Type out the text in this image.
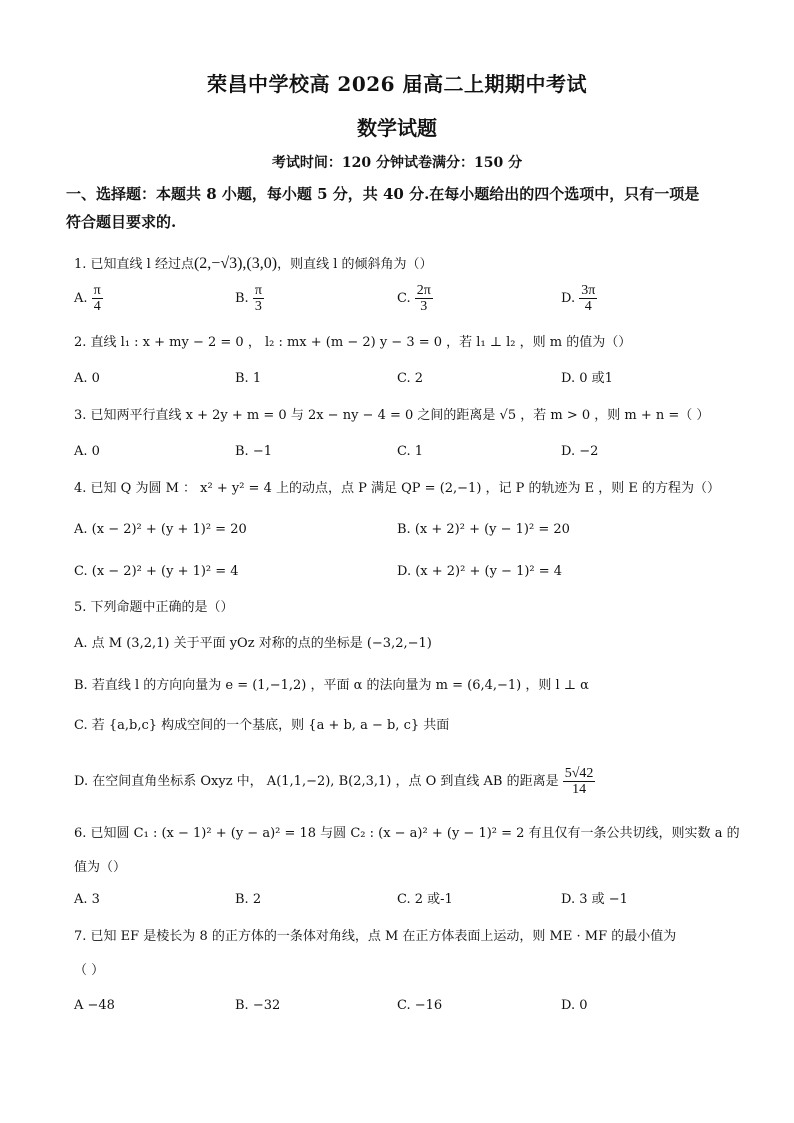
荣昌中学校高 2026 届高二上期期中考试
数学试题
考试时间：120 分钟试卷满分：150 分
一、选择题：本题共 8 小题，每小题 5 分，共 40 分.在每小题给出的四个选项中，只有一项是
符合题目要求的.
1. 已知直线 l 经过点(2,−√3),(3,0)，则直线 l 的倾斜角为（）
A. $\frac{\pi}{4}$	B. $\frac{\pi}{3}$	C. $\frac{2\pi}{3}$	D. $\frac{3\pi}{4}$
2. 直线 l₁ : x + my − 2 = 0 ， l₂ : mx + (m − 2) y − 3 = 0 ，若 l₁ ⊥ l₂ ，则 m 的值为（）
A. 0	B. 1	C. 2	D. 0 或1
3. 已知两平行直线 x + 2y + m = 0 与 2x − ny − 4 = 0 之间的距离是 √5 ，若 m > 0 ，则 m + n =（ ）
A. 0	B. −1	C. 1	D. −2
4. 已知 Q 为圆 M ： x² + y² = 4 上的动点，点 P 满足 QP = (2,−1) ，记 P 的轨迹为 E ，则 E 的方程为（）
A. (x − 2)² + (y + 1)² = 20	B. (x + 2)² + (y − 1)² = 20
C. (x − 2)² + (y + 1)² = 4	D. (x + 2)² + (y − 1)² = 4
5. 下列命题中正确的是（）
A. 点 M (3,2,1) 关于平面 yOz 对称的点的坐标是 (−3,2,−1)
B. 若直线 l 的方向向量为 e = (1,−1,2) ，平面 α 的法向量为 m = (6,4,−1) ，则 l ⊥ α
C. 若 {a,b,c} 构成空间的一个基底，则 {a + b, a − b, c} 共面
D. 在空间直角坐标系 Oxyz 中， A(1,1,−2), B(2,3,1) ，点 O 到直线 AB 的距离是 $\frac{5√42}{14}$
6. 已知圆 C₁ : (x − 1)² + (y − a)² = 18 与圆 C₂ : (x − a)² + (y − 1)² = 2 有且仅有一条公共切线，则实数 a 的
值为（）
A. 3	B. 2	C. 2 或-1	D. 3 或 −1
7. 已知 EF 是棱长为 8 的正方体的一条体对角线，点 M 在正方体表面上运动，则 ME · MF 的最小值为
（ ）
A −48	B. −32	C. −16	D. 0
